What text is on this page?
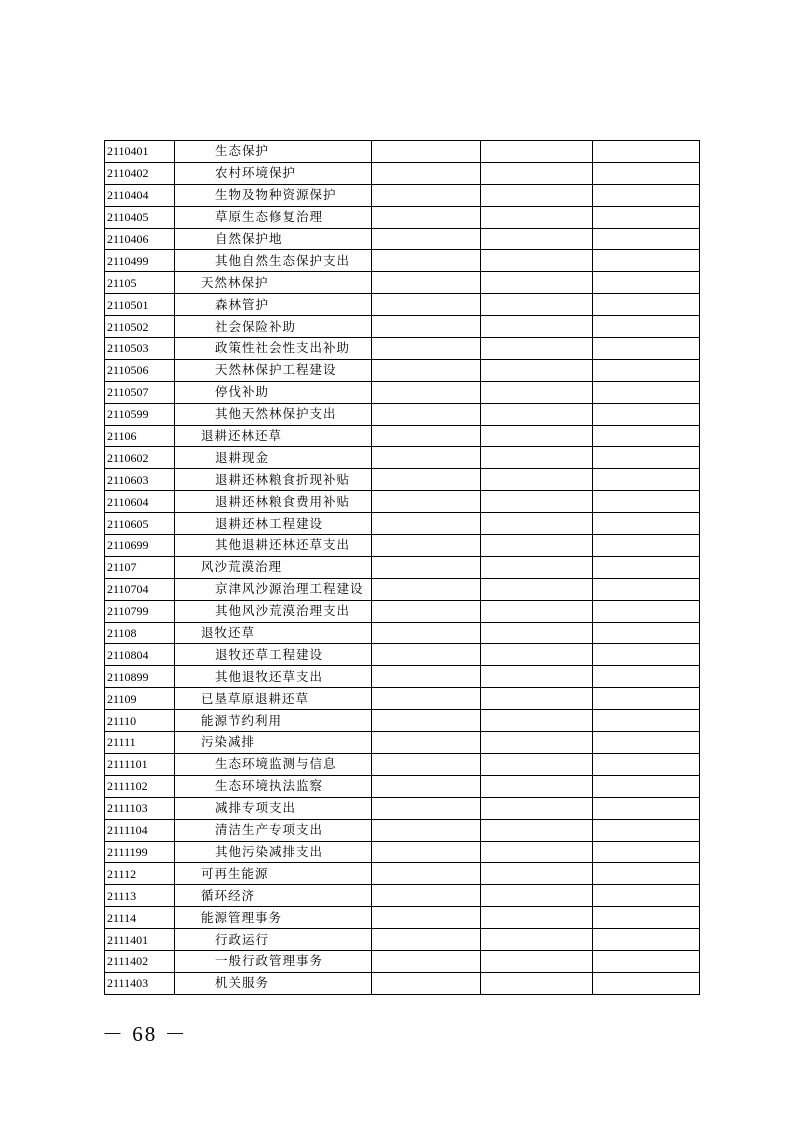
2110401	生态保护			
2110402	农村环境保护			
2110404	生物及物种资源保护			
2110405	草原生态修复治理			
2110406	自然保护地			
2110499	其他自然生态保护支出			
21105	天然林保护			
2110501	森林管护			
2110502	社会保险补助			
2110503	政策性社会性支出补助			
2110506	天然林保护工程建设			
2110507	停伐补助			
2110599	其他天然林保护支出			
21106	退耕还林还草			
2110602	退耕现金			
2110603	退耕还林粮食折现补贴			
2110604	退耕还林粮食费用补贴			
2110605	退耕还林工程建设			
2110699	其他退耕还林还草支出			
21107	风沙荒漠治理			
2110704	京津风沙源治理工程建设			
2110799	其他风沙荒漠治理支出			
21108	退牧还草			
2110804	退牧还草工程建设			
2110899	其他退牧还草支出			
21109	已垦草原退耕还草			
21110	能源节约利用			
21111	污染减排			
2111101	生态环境监测与信息			
2111102	生态环境执法监察			
2111103	减排专项支出			
2111104	清洁生产专项支出			
2111199	其他污染减排支出			
21112	可再生能源			
21113	循环经济			
21114	能源管理事务			
2111401	行政运行			
2111402	一般行政管理事务			
2111403	机关服务			
－ 68 －
